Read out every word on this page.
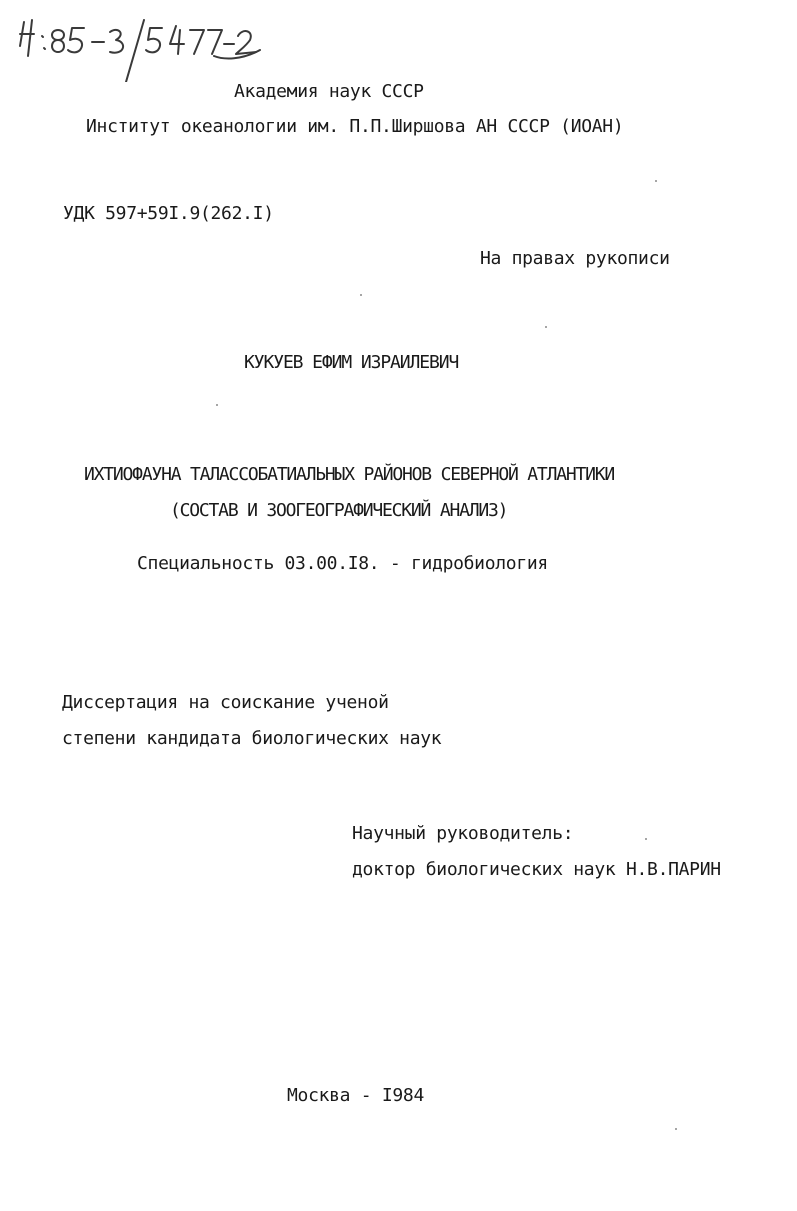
Академия наук СССР
Институт океанологии им. П.П.Ширшова АН СССР (ИОАН)
УДК 597+59I.9(262.I)
На правах рукописи
КУКУЕВ ЕФИМ ИЗРАИЛЕВИЧ
ИХТИОФАУНА ТАЛАССОБАТИАЛЬНЫХ РАЙОНОВ СЕВЕРНОЙ АТЛАНТИКИ
(СОСТАВ И ЗООГЕОГРАФИЧЕСКИЙ АНАЛИЗ)
Специальность 03.00.I8. - гидробиология
Диссертация на соискание ученой
степени кандидата биологических наук
Научный руководитель:
доктор биологических наук Н.В.ПАРИН
Москва - I984
